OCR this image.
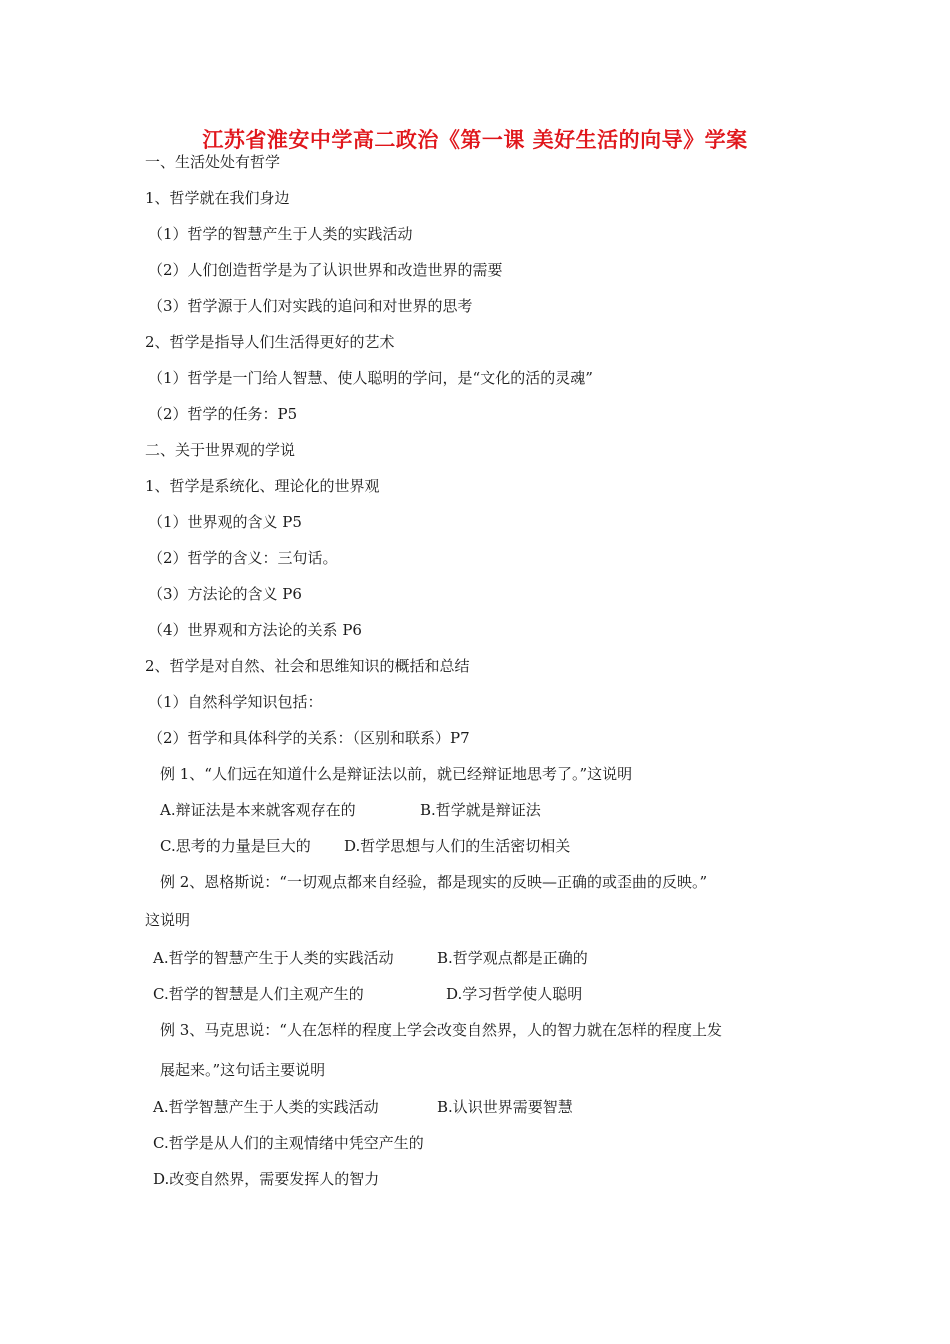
江苏省淮安中学高二政治《第一课 美好生活的向导》学案
一、生活处处有哲学
1、哲学就在我们身边
（1）哲学的智慧产生于人类的实践活动
（2）人们创造哲学是为了认识世界和改造世界的需要
（3）哲学源于人们对实践的追问和对世界的思考
2、哲学是指导人们生活得更好的艺术
（1）哲学是一门给人智慧、使人聪明的学问，是“文化的活的灵魂”
（2）哲学的任务：P5
二、关于世界观的学说
1、哲学是系统化、理论化的世界观
（1）世界观的含义 P5
（2）哲学的含义：三句话。
（3）方法论的含义 P6
（4）世界观和方法论的关系 P6
2、哲学是对自然、社会和思维知识的概括和总结
（1）自然科学知识包括：
（2）哲学和具体科学的关系：（区别和联系）P7
例 1、“人们远在知道什么是辩证法以前，就已经辩证地思考了。”这说明
A.辩证法是本来就客观存在的	B.哲学就是辩证法
C.思考的力量是巨大的 D.哲学思想与人们的生活密切相关
例 2、恩格斯说：“一切观点都来自经验，都是现实的反映—正确的或歪曲的反映。”
这说明
A.哲学的智慧产生于人类的实践活动	B.哲学观点都是正确的
C.哲学的智慧是人们主观产生的	D.学习哲学使人聪明
例 3、马克思说：“人在怎样的程度上学会改变自然界，人的智力就在怎样的程度上发
展起来。”这句话主要说明
A.哲学智慧产生于人类的实践活动	B.认识世界需要智慧
C.哲学是从人们的主观情绪中凭空产生的
D.改变自然界，需要发挥人的智力
